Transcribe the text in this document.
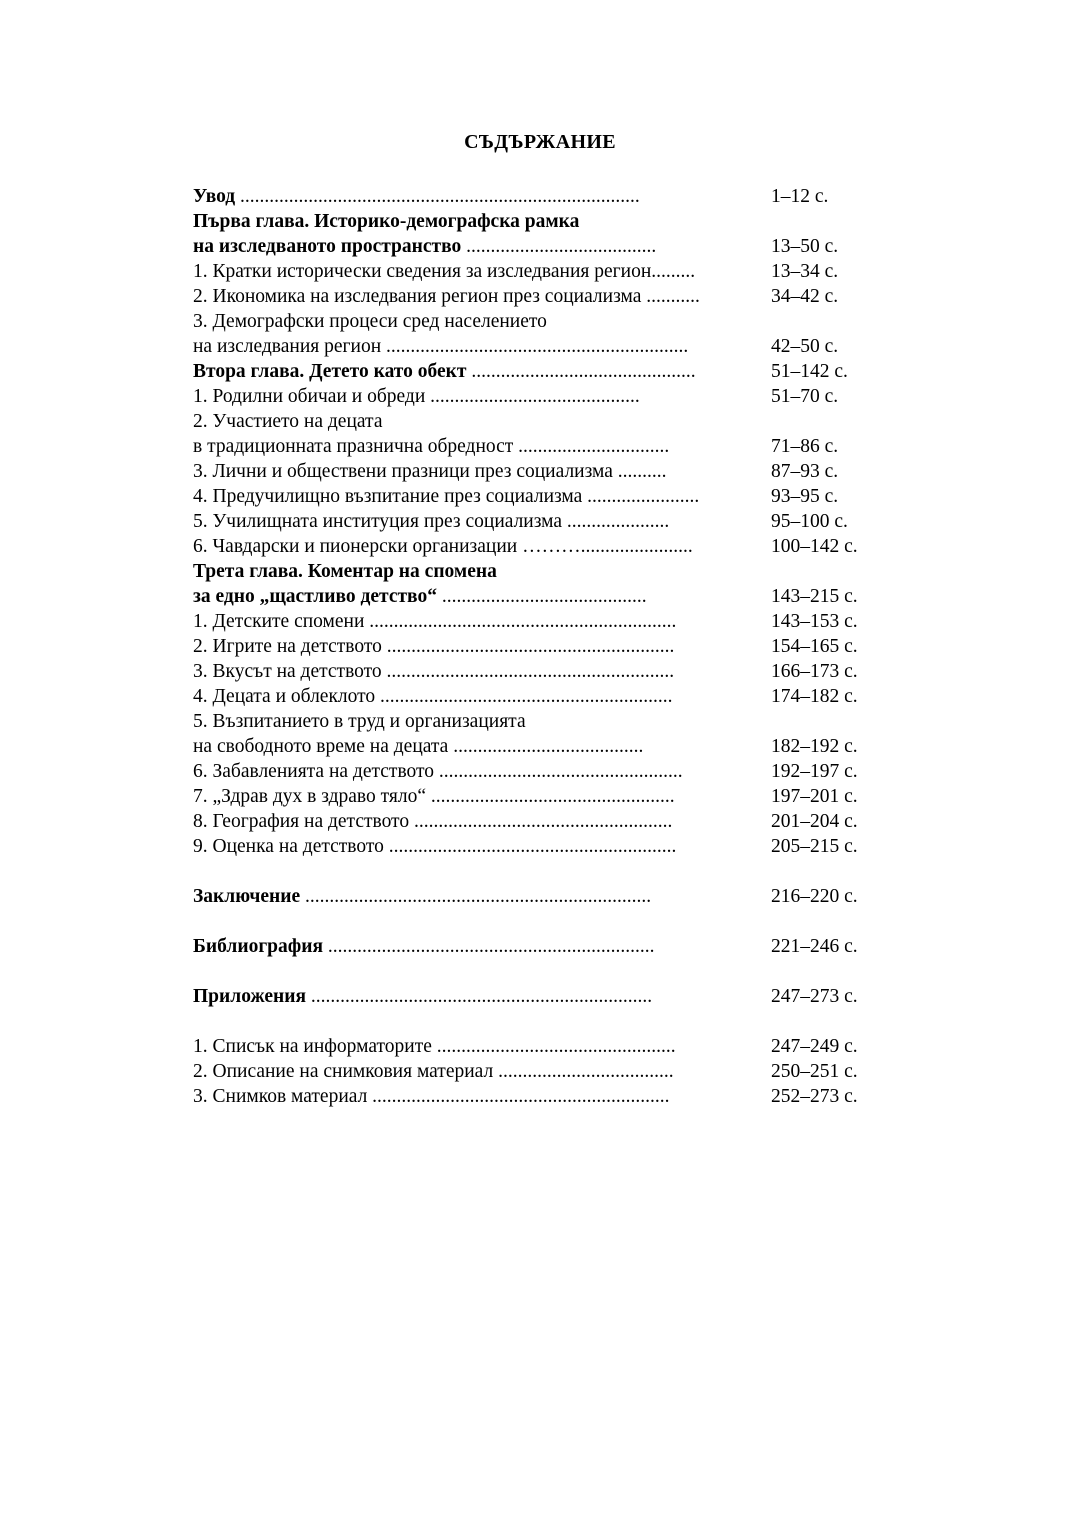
СЪДЪРЖАНИЕ
Увод ..................................................................................	1–12 с.
Първа глава. Историко-демографска рамка
на изследваното пространство .......................................	13–50 с.
1. Кратки исторически сведения за изследвания регион.........	13–34 с.
2. Икономика на изследвания регион през социализма ...........	34–42 с.
3. Демографски процеси сред населението
на изследвания регион ..............................................................	42–50 с.
Втора глава. Детето като обект ..............................................	51–142 с.
1. Родилни обичаи и обреди ...........................................	51–70 с.
2. Участието на децата
в традиционната празнична обредност ...............................	71–86 с.
3. Лични и обществени празници през социализма ..........	87–93 с.
4. Предучилищно възпитание през социализма .......................	93–95 с.
5. Училищната институция през социализма .....................	95–100 с.
6. Чавдарски и пионерски организации ……….......................	100–142 с.
Трета глава. Коментар на спомена
за едно „щастливо детство“ ..........................................	143–215 с.
1. Детските спомени ...............................................................	143–153 с.
2. Игрите на детството ...........................................................	154–165 с.
3. Вкусът на детството ...........................................................	166–173 с.
4. Децата и облеклото ............................................................	174–182 с.
5. Възпитанието в труд и организацията
на свободното време на децата .......................................	182–192 с.
6. Забавленията на детството ..................................................	192–197 с.
7. „Здрав дух в здраво тяло“ ..................................................	197–201 с.
8. География на детството .....................................................	201–204 с.
9. Оценка на детството ...........................................................	205–215 с.
Заключение .......................................................................	216–220 с.
Библиография ...................................................................	221–246 с.
Приложения ......................................................................	247–273 с.
1. Списък на информаторите .................................................	247–249 с.
2. Описание на снимковия материал ....................................	250–251 с.
3. Снимков материал .............................................................	252–273 с.
